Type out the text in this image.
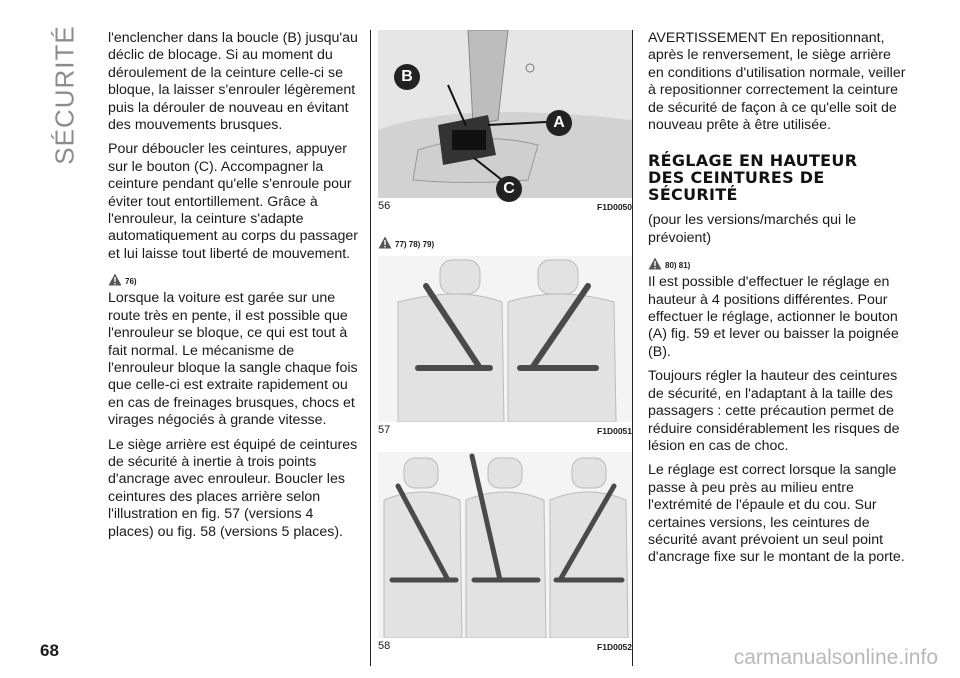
SÉCURITÉ l'enclencher dans la boucle (B) jusqu'au déclic de blocage. Si au moment du déroulement de la ceinture celle-ci se bloque, la laisser s'enrouler légèrement puis la dérouler de nouveau en évitant des mouvements brusques.

Pour déboucler les ceintures, appuyer sur le bouton (C). Accompagner la ceinture pendant qu'elle s'enroule pour éviter tout entortillement. Grâce à l'enrouleur, la ceinture s'adapte automatiquement au corps du passager et lui laisse tout liberté de mouvement.

76)

Lorsque la voiture est garée sur une route très en pente, il est possible que l'enrouleur se bloque, ce qui est tout à fait normal. Le mécanisme de l'enrouleur bloque la sangle chaque fois que celle-ci est extraite rapidement ou en cas de freinages brusques, chocs et virages négociés à grande vitesse.

Le siège arrière est équipé de ceintures de sécurité à inertie à trois points d'ancrage avec enrouleur. Boucler les ceintures des places arrière selon l'illustration en fig. 57 (versions 4 places) ou fig. 58 (versions 5 places).

B
A
C
56	F1D0050
77) 78) 79)
57	F1D0051
58	F1D0052

AVERTISSEMENT En repositionnant, après le renversement, le siège arrière en conditions d'utilisation normale, veiller à repositionner correctement la ceinture de sécurité de façon à ce qu'elle soit de nouveau prête à être utilisée.

RÉGLAGE EN HAUTEUR
DES CEINTURES DE
SÉCURITÉ

(pour les versions/marchés qui le prévoient)

80) 81)

Il est possible d'effectuer le réglage en hauteur à 4 positions différentes. Pour effectuer le réglage, actionner le bouton (A) fig. 59 et lever ou baisser la poignée (B).

Toujours régler la hauteur des ceintures de sécurité, en l'adaptant à la taille des passagers : cette précaution permet de réduire considérablement les risques de lésion en cas de choc.

Le réglage est correct lorsque la sangle passe à peu près au milieu entre l'extrémité de l'épaule et du cou. Sur certaines versions, les ceintures de sécurité avant prévoient un seul point d'ancrage fixe sur le montant de la porte.

68	carmanualsonline.info
